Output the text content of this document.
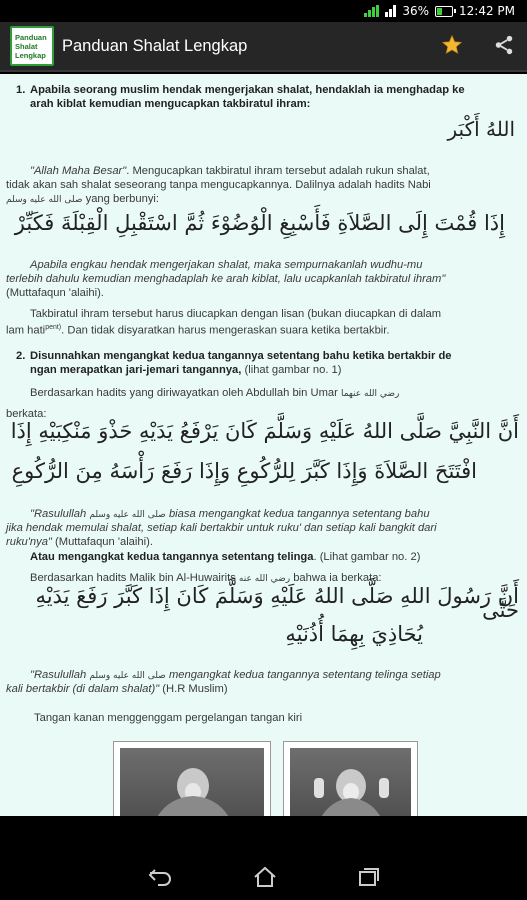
36%	12:42 PM
Panduan
Shalat
Lengkap
Panduan Shalat Lengkap
1. Apabila seorang muslim hendak mengerjakan shalat, hendaklah ia menghadap ke
arah kiblat kemudian mengucapkan takbiratul ihram:
اللهُ أَكْبَر
"Allah Maha Besar". Mengucapkan takbiratul ihram tersebut adalah rukun shalat,
tidak akan sah shalat seseorang tanpa mengucapkannya. Dalilnya adalah hadits Nabi
صلى الله عليه وسلم yang berbunyi:
إِذَا قُمْتَ إِلَى الصَّلاَةِ فَأَسْبِغِ الْوُضُوْءَ ثُمَّ اسْتَقْبِلِ الْقِبْلَةَ فَكَبِّرْ
Apabila engkau hendak mengerjakan shalat, maka sempurnakanlah wudhu-mu
terlebih dahulu kemudian menghadaplah ke arah kiblat, lalu ucapkanlah takbiratul ihram"
(Muttafaqun 'alaihi).
Takbiratul ihram tersebut harus diucapkan dengan lisan (bukan diucapkan di dalam
lam hati$^{pent)}$. Dan tidak disyaratkan harus mengeraskan suara ketika bertakbir.
2. Disunnahkan mengangkat kedua tangannya setentang bahu ketika bertakbir de
ngan merapatkan jari-jemari tangannya, (lihat gambar no. 1)
Berdasarkan hadits yang diriwayatkan oleh Abdullah bin Umar رضي الله عنهما
berkata:
أَنَّ النَّبِيَّ صَلَّى اللهُ عَلَيْهِ وَسَلَّمَ كَانَ يَرْفَعُ يَدَيْهِ حَذْوَ مَنْكِبَيْهِ إِذَا
افْتَتَحَ الصَّلاَةَ وَإِذَا كَبَّرَ لِلرُّكُوعِ وَإِذَا رَفَعَ رَأْسَهُ مِنَ الرُّكُوعِ
"Rasulullah صلى الله عليه وسلم biasa mengangkat kedua tangannya setentang bahu
jika hendak memulai shalat, setiap kali bertakbir untuk ruku' dan setiap kali bangkit dari
ruku'nya" (Muttafaqun 'alaihi).
Atau mengangkat kedua tangannya setentang telinga. (Lihat gambar no. 2)
Berdasarkan hadits Malik bin Al-Huwairits رضي الله عنه bahwa ia berkata:
أَنَّ رَسُولَ اللهِ صَلَّى اللهُ عَلَيْهِ وَسَلَّمَ كَانَ إِذَا كَبَّرَ رَفَعَ يَدَيْهِ حَتَّى
يُحَاذِيَ بِهِمَا أُذُنَيْهِ
"Rasulullah صلى الله عليه وسلم mengangkat kedua tangannya setentang telinga setiap
kali bertakbir (di dalam shalat)" (H.R Muslim)
Tangan kanan menggenggam pergelangan tangan kiri
